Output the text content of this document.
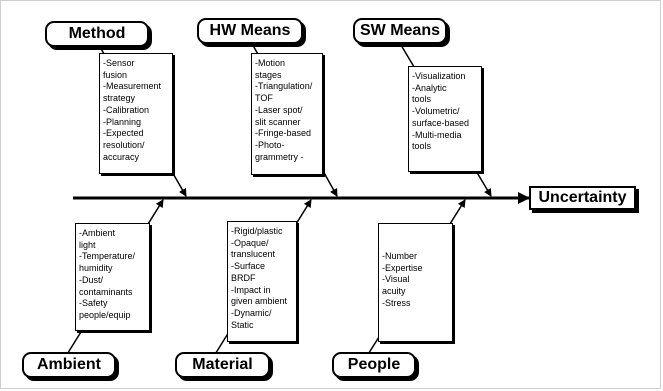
Method	HW Means	SW Means
Ambient	Material	People
Uncertainty
-Sensor
fusion
-Measurement
strategy
-Calibration
-Planning
-Expected
resolution/
accuracy
-Motion
stages
-Triangulation/
TOF
-Laser spot/
slit scanner
-Fringe-based
-Photo-
grammetry -
-Visualization
-Analytic
tools
-Volumetric/
surface-based
-Multi-media
tools
-Ambient
light
-Temperature/
humidity
-Dust/
contaminants
-Safety
people/equip
-Rigid/plastic
-Opaque/
translucent
-Surface
BRDF
-Impact in
given ambient
-Dynamic/
Static
-Number
-Expertise
-Visual
acuity
-Stress
